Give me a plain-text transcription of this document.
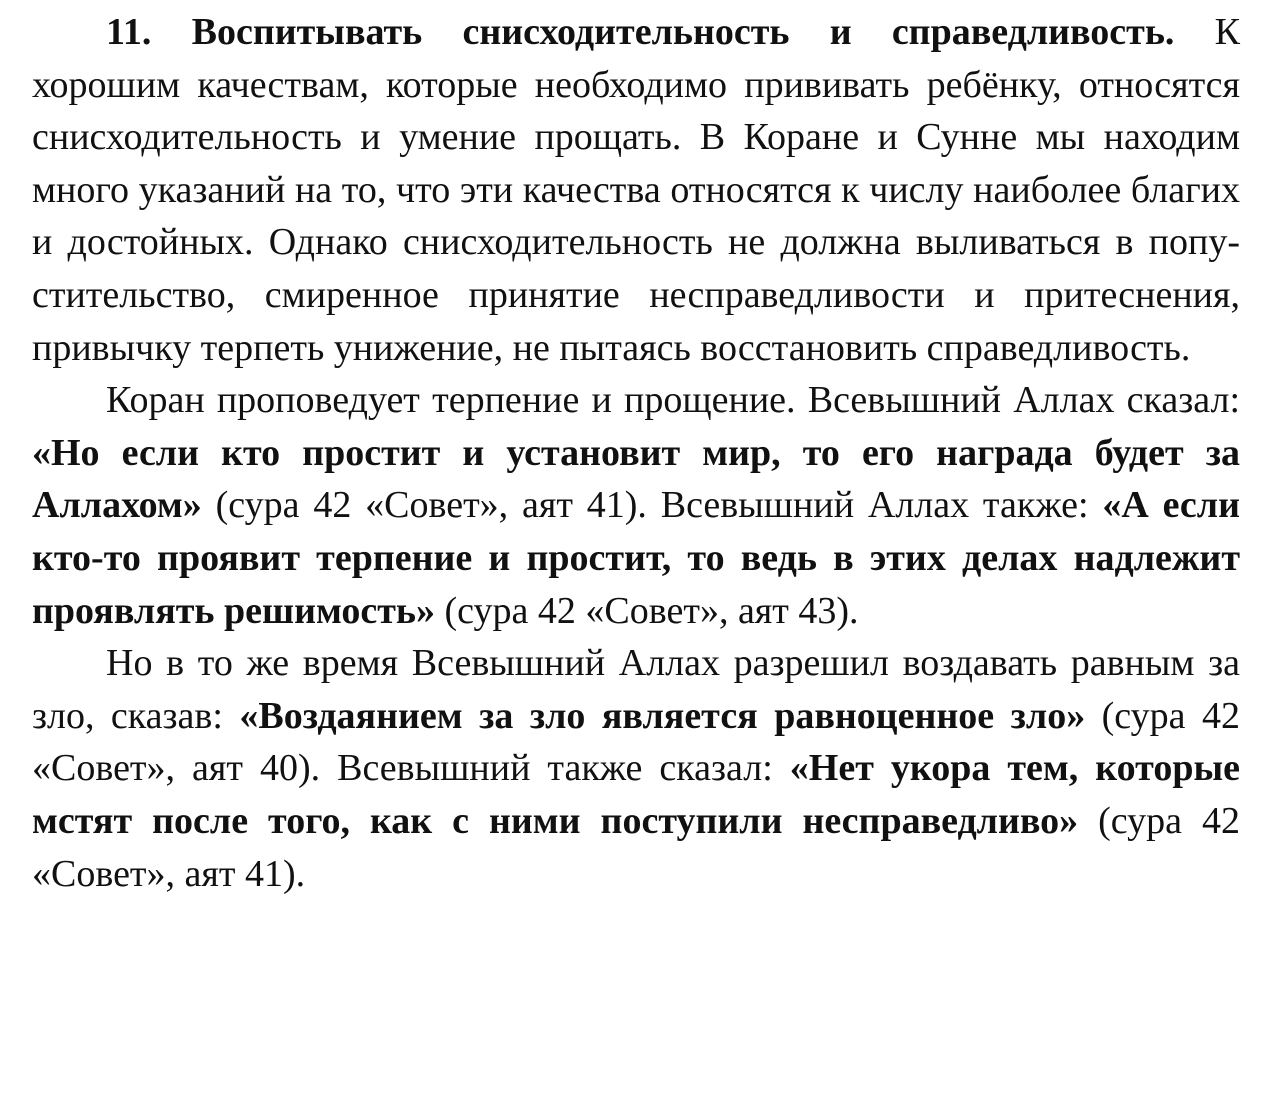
11. Воспитывать снисходительность и справедливость. К хорошим качествам, которые необходимо прививать ребёнку, относятся снисходительность и умение прощать. В Коране и Сунне мы находим много указаний на то, что эти качества относятся к числу наиболее благих и достойных. Однако снисходительность не должна выливаться в попустительство, смиренное принятие несправедливости и притеснения, привычку терпеть унижение, не пытаясь восстановить справедливость.

Коран проповедует терпение и прощение. Всевышний Аллах сказал: «Но если кто простит и установит мир, то его награда будет за Аллахом» (сура 42 «Совет», аят 41). Всевышний Аллах также: «А если кто-то проявит терпение и простит, то ведь в этих делах надлежит проявлять решимость» (сура 42 «Совет», аят 43).

Но в то же время Всевышний Аллах разрешил воздавать равным за зло, сказав: «Воздаянием за зло является равноценное зло» (сура 42 «Совет», аят 40). Всевышний также сказал: «Нет укора тем, которые мстят после того, как с ними поступили несправедливо» (сура 42 «Совет», аят 41).
